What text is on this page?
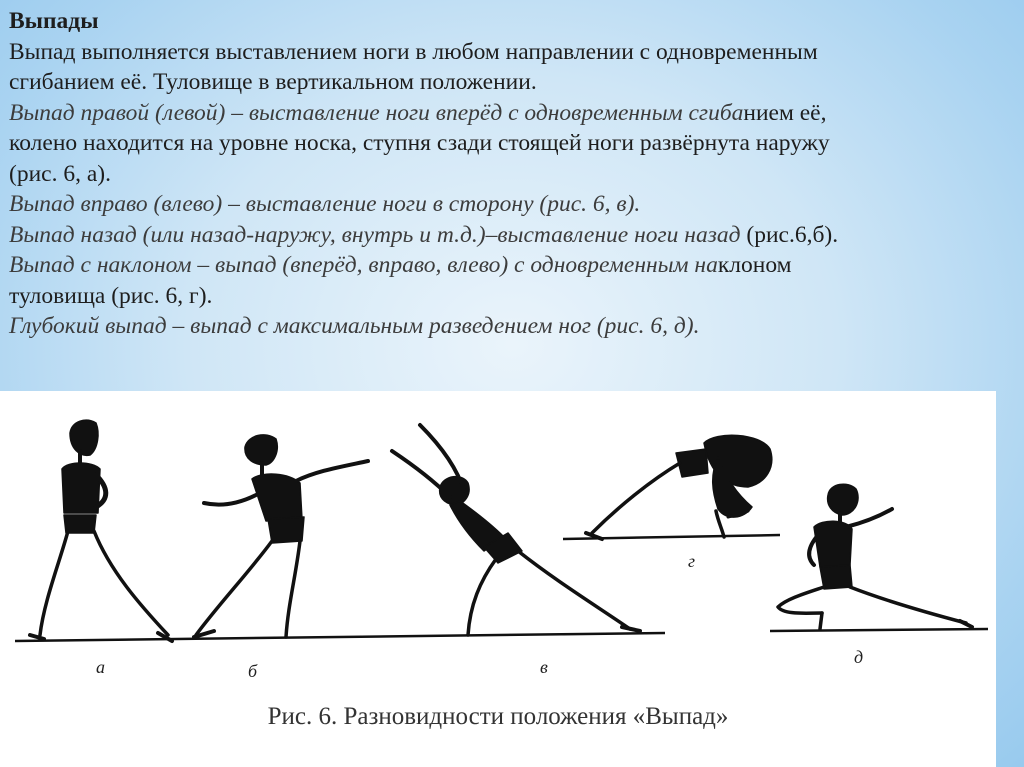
Выпады
Выпад выполняется выставлением ноги в любом направлении с одновременным
сгибанием её. Туловище в вертикальном положении.
Выпад правой (левой) – выставление ноги вперёд с одновременным сгибанием её,
колено находится на уровне носка, ступня сзади стоящей ноги развёрнута наружу
(рис. 6, а).
Выпад вправо (влево) – выставление ноги в сторону (рис. 6, в).
Выпад назад (или назад-наружу, внутрь и т.д.)–выставление ноги назад (рис.6,б).
Выпад с наклоном – выпад (вперёд, вправо, влево) с одновременным наклоном
туловища (рис. 6, г).
Глубокий выпад – выпад с максимальным разведением ног (рис. 6, д).
а	б	в
г
д
Рис. 6. Разновидности положения «Выпад»
